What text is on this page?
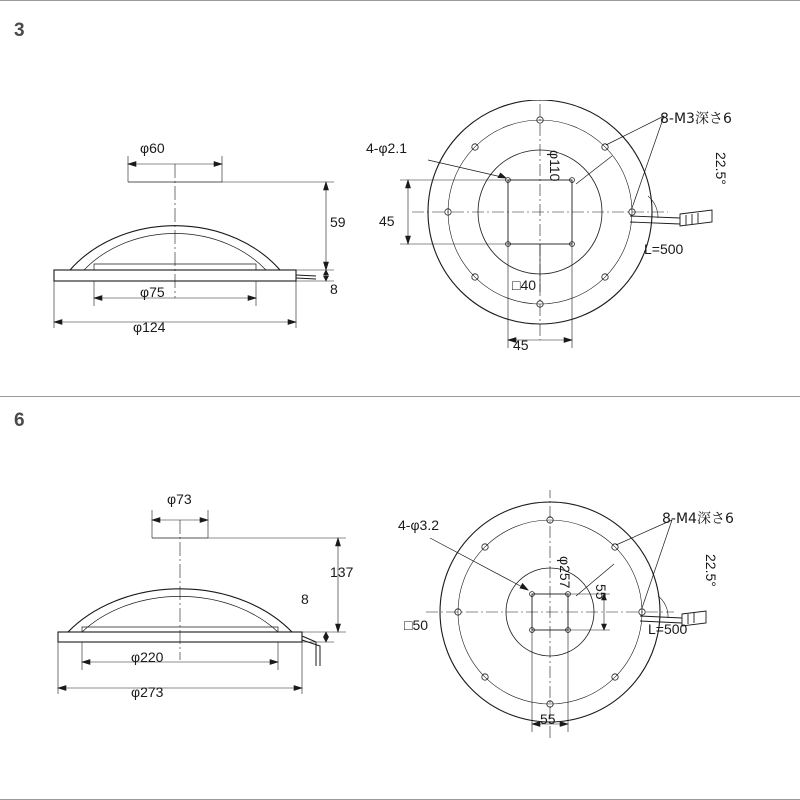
3
φ60
59
8
φ75
φ124
4-φ2.1
8-M3深さ6
φ110
□40
45
45
22.5°
L=500
6
φ73
137
8
φ220
φ273
4-φ3.2	8-M4深さ6
φ257
□50
55
55
22.5°
L=500
